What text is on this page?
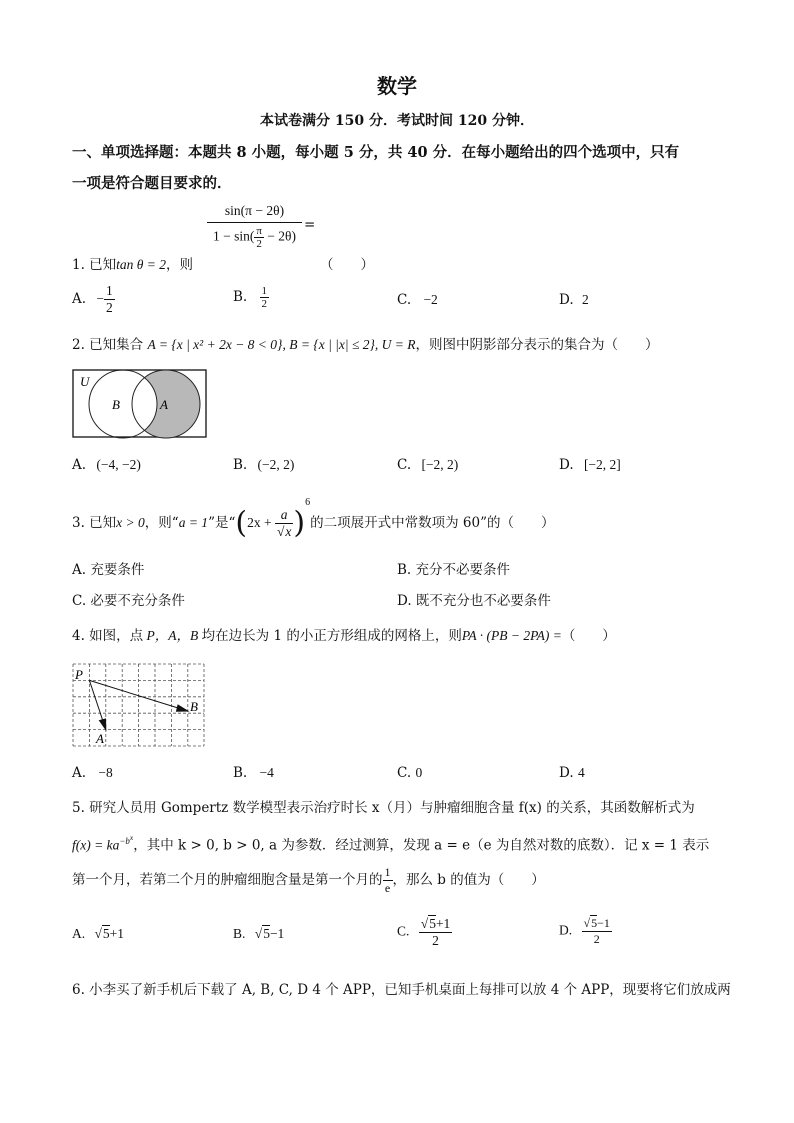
数学
本试卷满分 150 分．考试时间 120 分钟．
一、单项选择题：本题共 8 小题，每小题 5 分，共 40 分．在每小题给出的四个选项中，只有
一项是符合题目要求的．
$\frac{\sin(\pi - 2\theta)}{1 - \sin( \frac{\pi}{2} - 2\theta)}$ =
1. 已知tan θ = 2，则	（　　）
A. − $\frac{1}{2}$	B. $\frac{1}{2}$	C. −2	D. 2
2. 已知集合 A = {x | x² + 2x − 8 < 0}, B = {x | |x| ≤ 2}, U = R，则图中阴影部分表示的集合为（　　）
U
B	A
A. (−4, −2)	B. (−2, 2)	C. [−2, 2)	D. [−2, 2]
3. 已知x > 0，则“a = 1”是“$(2x + \frac{a}{√x} )^6$的二项展开式中常数项为 60”的（　　）
A. 充要条件	B. 充分不必要条件
C. 必要不充分条件	D. 既不充分也不必要条件
4. 如图，点 P，A，B 均在边长为 1 的小正方形组成的网格上，则PA · (PB − 2PA) =（　　）
P
B
A
A. −8	B. −4	C. 0	D. 4
5. 研究人员用 Gompertz 数学模型表示治疗时长 x（月）与肿瘤细胞含量 f(x) 的关系，其函数解析式为
$f(x) = ka^{-b^x}$，其中 k > 0, b > 0, a 为参数．经过测算，发现 a = e（e 为自然对数的底数）．记 x = 1 表示
第一个月，若第二个月的肿瘤细胞含量是第一个月的 $\frac{1}{e}$ ，那么 b 的值为（　　）
A. √5+1	B. √5−1	C. $\frac{√5+1}{2}$	D. $\frac{√5-1}{2}$
6. 小李买了新手机后下载了 A, B, C, D 4 个 APP，已知手机桌面上每排可以放 4 个 APP，现要将它们放成两
